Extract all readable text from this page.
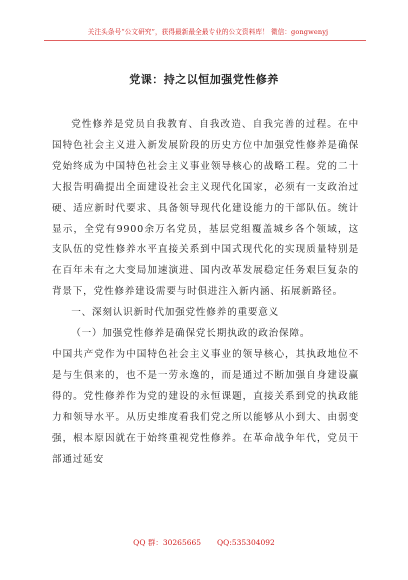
关注头条号“公文研究”，获得最新最全最专业的公文资料库！ 微信：gongwenyj
党课：持之以恒加强党性修养

党性修养是党员自我教育、自我改造、自我完善的过程。在中国特色社会主义进入新发展阶段的历史方位中加强党性修养是确保党始终成为中国特色社会主义事业领导核心的战略工程。党的二十大报告明确提出全面建设社会主义现代化国家，必须有一支政治过硬、适应新时代要求、具备领导现代化建设能力的干部队伍。统计显示，全党有9900余万名党员，基层党组覆盖城乡各个领域，这支队伍的党性修养水平直接关系到中国式现代化的实现质量特别是在百年未有之大变局加速演进、国内改革发展稳定任务艰巨复杂的背景下，党性修养建设需要与时俱进注入新内涵、拓展新路径。

一、深刻认识新时代加强党性修养的重要意义

（一）加强党性修养是确保党长期执政的政治保障。

中国共产党作为中国特色社会主义事业的领导核心，其执政地位不是与生俱来的，也不是一劳永逸的，而是通过不断加强自身建设赢得的。党性修养作为党的建设的永恒课题，直接关系到党的执政能力和领导水平。从历史维度看我们党之所以能够从小到大、由弱变强，根本原因就在于始终重视党性修养。在革命战争年代，党员干部通过延安

QQ 群：30265665 QQ:535304092
